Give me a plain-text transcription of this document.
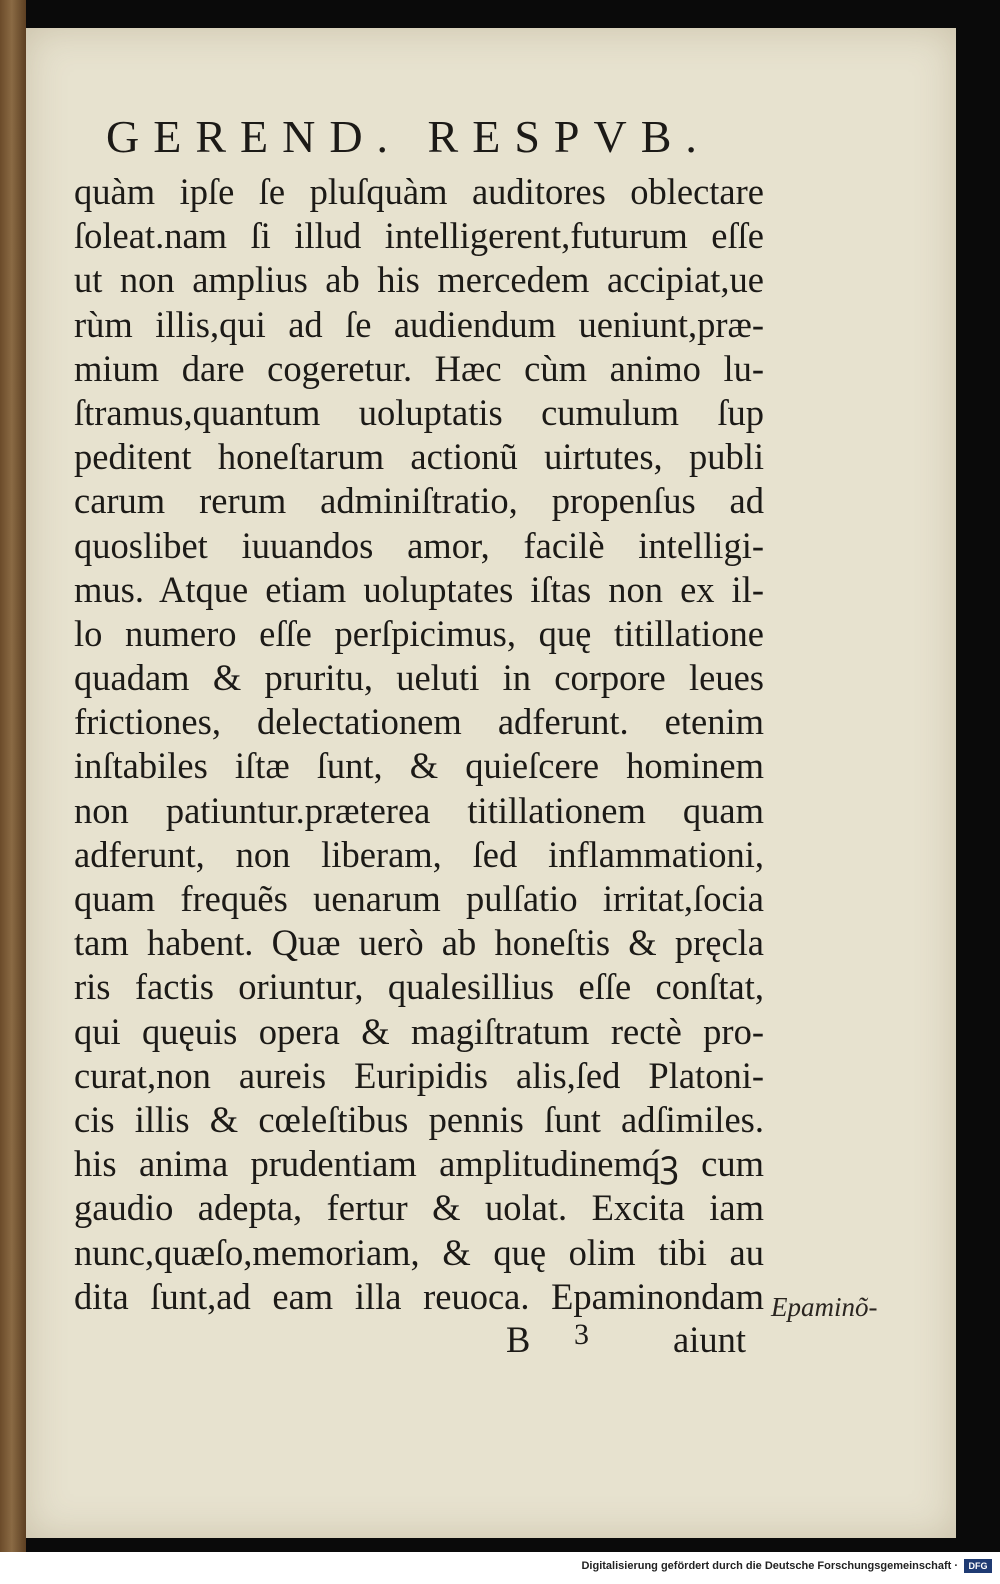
GEREND. RESPVB.
quàm ipſe ſe pluſquàm auditores oblectare
ſoleat.nam ſi illud intelligerent,futurum eſſe
ut non amplius ab his mercedem accipiat,ue
rùm illis,qui ad ſe audiendum ueniunt,præ-
mium dare cogeretur. Hæc cùm animo lu-
ſtramus,quantum uoluptatis cumulum ſup
peditent honeſtarum actionũ uirtutes, publi
carum rerum adminiſtratio, propenſus ad
quoslibet iuuandos amor, facilè intelligi-
mus. Atque etiam uoluptates iſtas non ex il-
lo numero eſſe perſpicimus, quę titillatione
quadam & pruritu, ueluti in corpore leues
frictiones, delectationem adferunt. etenim
inſtabiles iſtæ ſunt, & quieſcere hominem
non patiuntur.præterea titillationem quam
adferunt, non liberam, ſed inflammationi,
quam frequẽs uenarum pulſatio irritat,ſocia
tam habent. Quæ uerò ab honeſtis & pręcla
ris factis oriuntur, qualesillius eſſe conſtat,
qui quęuis opera & magiſtratum rectè pro-
curat,non aureis Euripidis alis,ſed Platoni-
cis illis & cœleſtibus pennis ſunt adſimiles.
his anima prudentiam amplitudinemq́ꝫ cum
gaudio adepta, fertur & uolat. Excita iam
nunc,quæſo,memoriam, & quę olim tibi au
dita ſunt,ad eam illa reuoca. Epaminondam
B 3 aiunt
Epaminõ-
Digitalisierung gefördert durch die Deutsche Forschungsgemeinschaft ·	DFG
